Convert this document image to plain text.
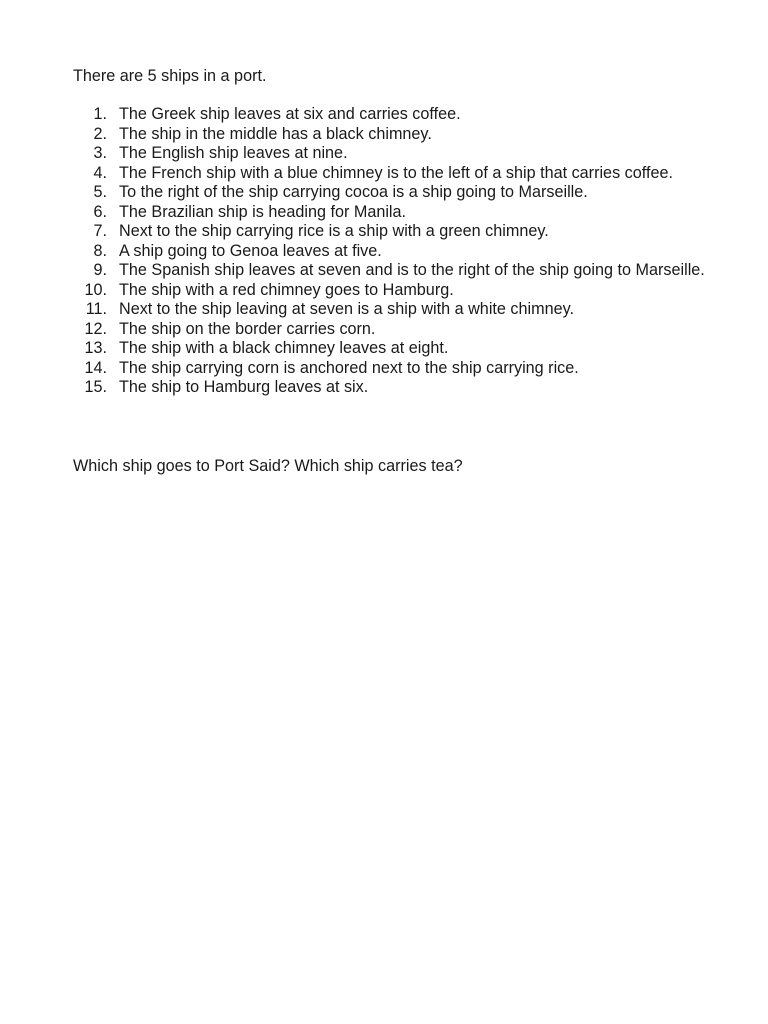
There are 5 ships in a port.

1. The Greek ship leaves at six and carries coffee.
2. The ship in the middle has a black chimney.
3. The English ship leaves at nine.
4. The French ship with a blue chimney is to the left of a ship that carries coffee.
5. To the right of the ship carrying cocoa is a ship going to Marseille.
6. The Brazilian ship is heading for Manila.
7. Next to the ship carrying rice is a ship with a green chimney.
8. A ship going to Genoa leaves at five.
9. The Spanish ship leaves at seven and is to the right of the ship going to Marseille.
10. The ship with a red chimney goes to Hamburg.
11. Next to the ship leaving at seven is a ship with a white chimney.
12. The ship on the border carries corn.
13. The ship with a black chimney leaves at eight.
14. The ship carrying corn is anchored next to the ship carrying rice.
15. The ship to Hamburg leaves at six.

Which ship goes to Port Said? Which ship carries tea?
